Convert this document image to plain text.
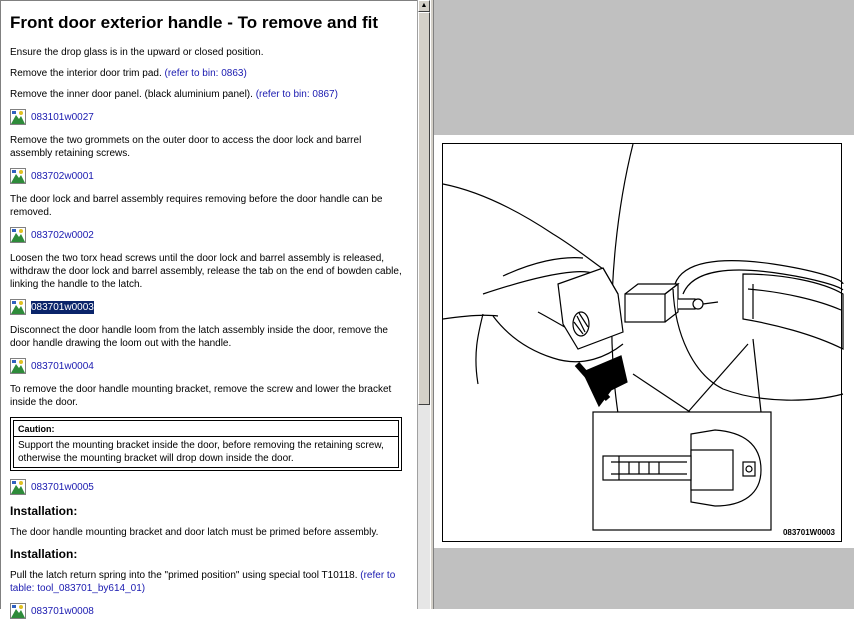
Front door exterior handle - To remove and fit

Ensure the drop glass is in the upward or closed position.

Remove the interior door trim pad. (refer to bin: 0863)

Remove the inner door panel. (black aluminium panel). (refer to bin: 0867)

083101w0027

Remove the two grommets on the outer door to access the door lock and barrel assembly retaining screws.

083702w0001

The door lock and barrel assembly requires removing before the door handle can be removed.

083702w0002

Loosen the two torx head screws until the door lock and barrel assembly is released, withdraw the door lock and barrel assembly, release the tab on the end of bowden cable, linking the handle to the latch.

083701w0003

Disconnect the door handle loom from the latch assembly inside the door, remove the door handle drawing the loom out with the handle.

083701w0004

To remove the door handle mounting bracket, remove the screw and lower the bracket inside the door.

Caution:
Support the mounting bracket inside the door, before removing the retaining screw, otherwise the mounting bracket will drop down inside the door.
083701w0005
Installation:

The door handle mounting bracket and door latch must be primed before assembly.

Installation:

Pull the latch return spring into the "primed position" using special tool T10118. (refer to table: tool_083701_by614_01)

083701w0008
▲
083701W0003
